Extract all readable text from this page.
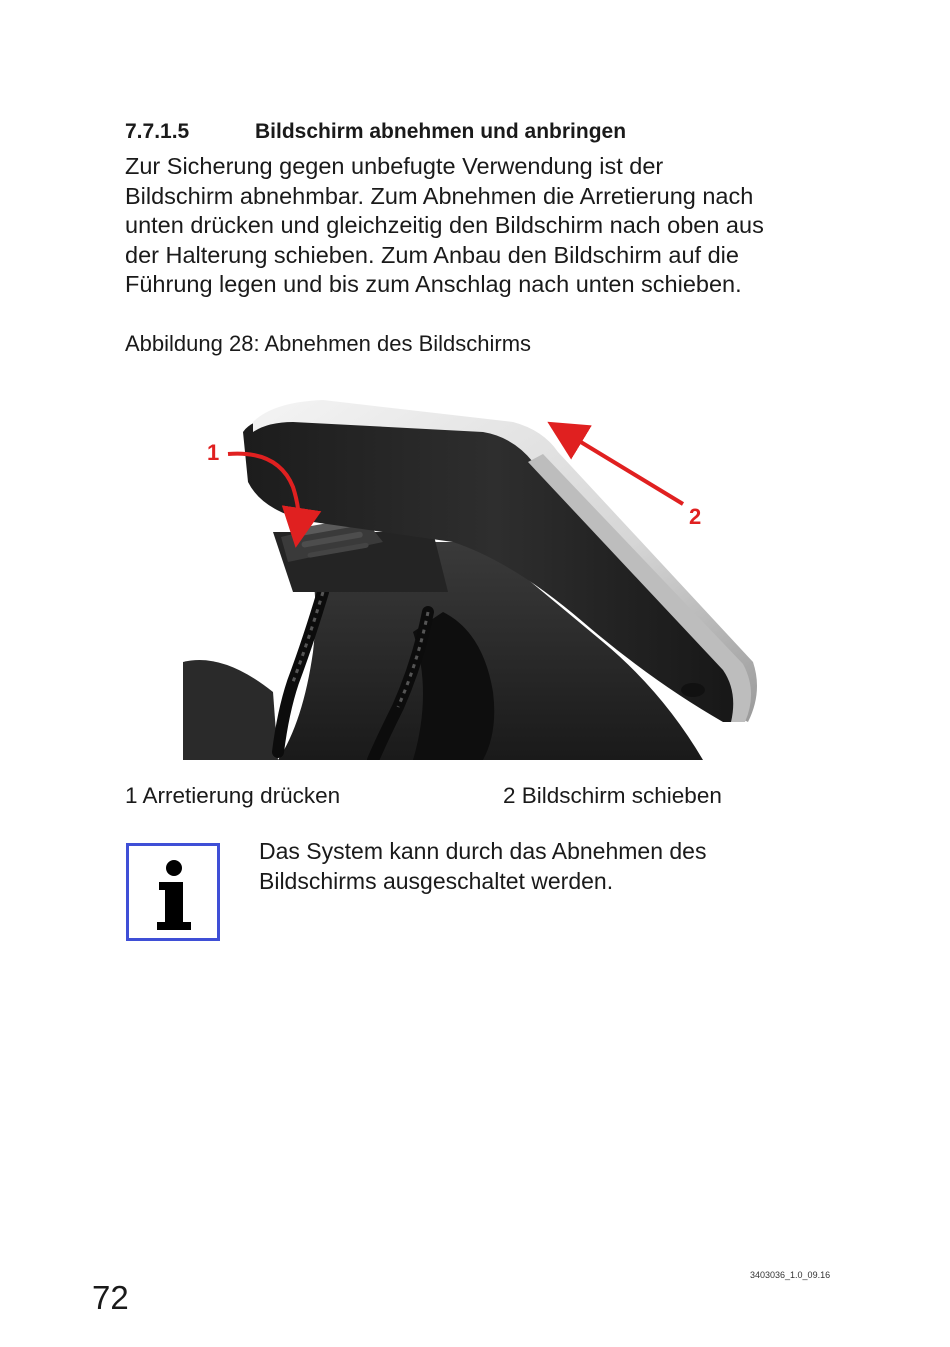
7.7.1.5	Bildschirm abnehmen und anbringen
Zur Sicherung gegen unbefugte Verwendung ist der
Bildschirm abnehmbar. Zum Abnehmen die Arretierung nach
unten drücken und gleichzeitig den Bildschirm nach oben aus
der Halterung schieben. Zum Anbau den Bildschirm auf die
Führung legen und bis zum Anschlag nach unten schieben.
Abbildung 28: Abnehmen des Bildschirms
1
2
1 Arretierung drücken	2 Bildschirm schieben
Das System kann durch das Abnehmen des
Bildschirms ausgeschaltet werden.
72
3403036_1.0_09.16
